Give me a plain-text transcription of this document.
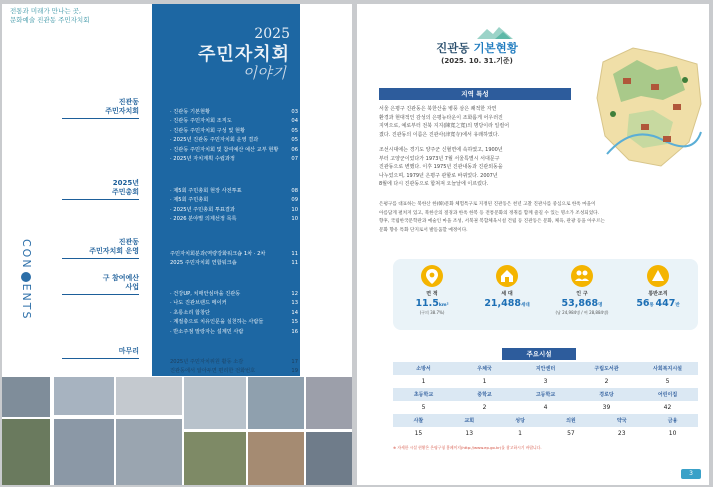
전통과 미래가 만나는 곳,
문화예술 진관동 주민자치회
2025
주민자치회
이야기
CONENTS
진관동
주민자치회
2025년
주민총회
진관동
주민자치회 운영
구 참여예산
사업
마무리
· 진관동 기본현황	03
· 진관동 주민자치회 조직도	04
· 진관동 주민자치회 구성 및 현황	05
· 2025년 진관동 주민자치회 운영 결과	05
· 진관동 주민자치회 및 참여예산 예산 교부 현황 06
· 2025년 자치계획 수립과정	07
· 제5회 주민총회 현장 사전투표	08
· 제5회 주민총회	09
· 2025년 주민총회 투표결과	10
· 2026 분야별 의제선정 목록	10
주민자치회분과(역량강화워크숍 1차 · 2차	11
2025 주민자치회 연합워크숍	11
· 건강UP, 치매안심마을 진관동	12
· 나도 진관브랜드 메이커	13
· 초롱소리 합창단	14
· 계절충으로 치유인문을 실천하는 사람들	15
· 반소주점 말랑자는 설계민 사람	16
2025년 주민자치위원 활동 소감	17
진관동에서 알아두면 편리한 전화번호	19
진관동 기본현황
(2025. 10. 31.기준)
지역 특성
서울 은평구 진관동은 북한산을 병풍 삼은 쾌적한 자연
환경과 현대적인 감성의 은평뉴타운이 조화롭게 어우러진
지역으로, 예로부터 전북 지지(陳寬之寬)의 명당이라 일컬어
졌다. 진관동의 이름은 진관사(津寬寺)에서 유래하였다.
조선시대에는 경기도 양주군 신혈면에 속하였고, 1900년
부터 고양군이었다가 1973년 7월 서울특별시 서대문구
진관동으로 변했다. 이후 1975년 진관내동과 진관외동을
나누었으며, 1979년 은평구 관할로 바뀌었다. 2007년
8월에 다시 진관동으로 합쳐져 오늘날에 이르렀다.
은평구를 대표하는 북한산 한(韓)문화 체험특구로 지정된 진관동은 천년 고찰 진관사를 중심으로 한옥 마을이
아름답게 펼쳐져 있고, 북한산의 절경과 한옥 한복 등 전통문화의 정취를 함께 즐길 수 있는 명소가 조성되었다.
향후, 국립한국문학관과 예술인 마을 조성, 서북권 복합체육시설 건립 등 진관동은 문화, 체육, 관광 등을 아우르는
문화 향유 특화 단지로서 발돋움할 예정이다.
면 적
11.5km²
(구의 38.7%)
세 대
21,488세대
인 구
53,868명
(남 24,984명 / 여 28,884명)
통반조직
56통 447반
주요시설
소방서	우체국	지안센터	구립도서관	사회복지시설

1	1	3	2	5

초등학교	중학교	고등학교	경로당	어린이집

5	2	4	39	42

사찰	교회	성당	의원	약국	금융
15	13	1	57	23	10
※ 자세한 시설 현황은 은평구청 홈페이지(http://www.ep.go.kr)를 참고하시기 바랍니다.
3
